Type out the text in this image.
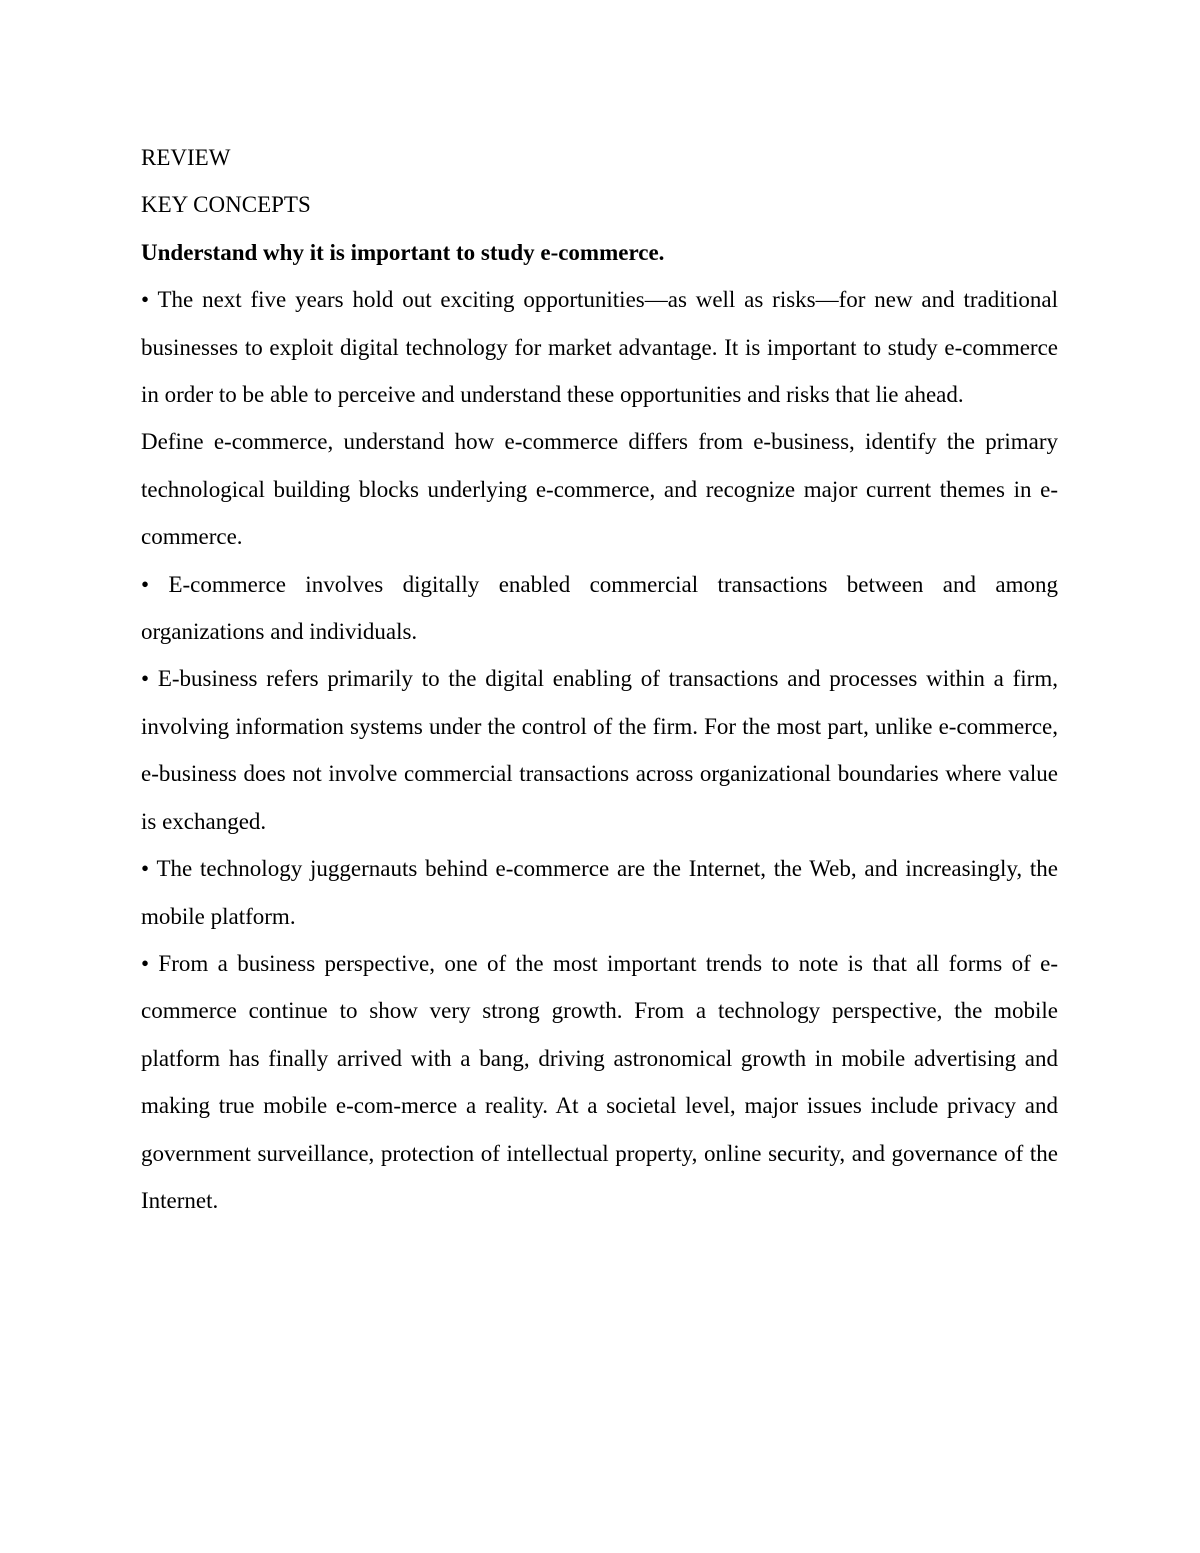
REVIEW

KEY CONCEPTS

Understand why it is important to study e-commerce.

• The next five years hold out exciting opportunities—as well as risks—for new and traditional businesses to exploit digital technology for market advantage. It is important to study e-commerce in order to be able to perceive and understand these opportunities and risks that lie ahead.

Define e-commerce, understand how e-commerce differs from e-business, identify the primary technological building blocks underlying e-commerce, and recognize major current themes in e-commerce.

• E-commerce involves digitally enabled commercial transactions between and among organizations and individuals.

• E-business refers primarily to the digital enabling of transactions and processes within a firm, involving information systems under the control of the firm. For the most part, unlike e-commerce, e-business does not involve commercial transactions across organizational boundaries where value is exchanged.

• The technology juggernauts behind e-commerce are the Internet, the Web, and increasingly, the mobile platform.

• From a business perspective, one of the most important trends to note is that all forms of e-commerce continue to show very strong growth. From a technology perspective, the mobile platform has finally arrived with a bang, driving astronomical growth in mobile advertising and making true mobile e-com-merce a reality. At a societal level, major issues include privacy and government surveillance, protection of intellectual property, online security, and governance of the Internet.
